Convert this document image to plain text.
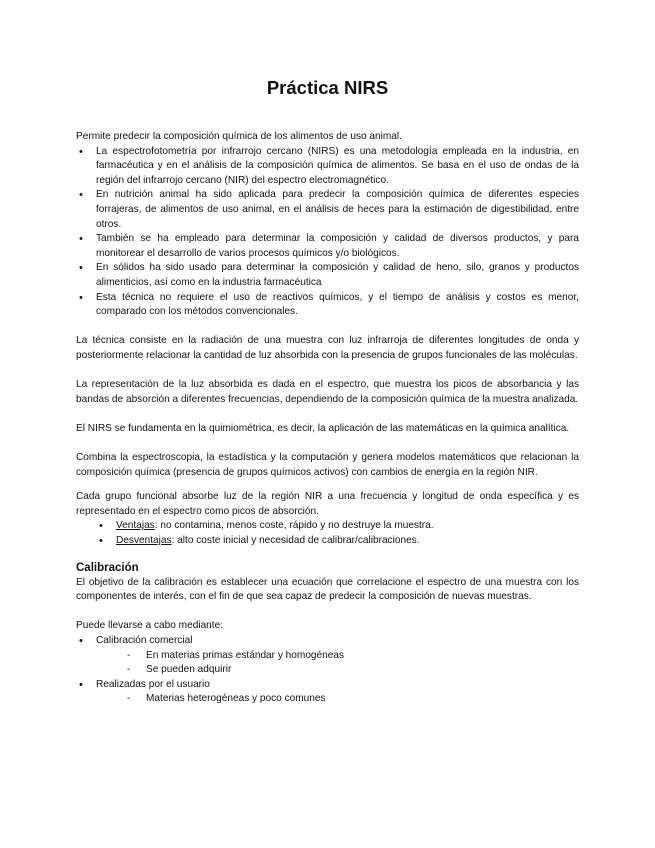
Práctica NIRS

Permite predecir la composición química de los alimentos de uso animal.

• La espectrofotometría por infrarrojo cercano (NIRS) es una metodología empleada en la industria, en farmacéutica y en el análisis de la composición química de alimentos. Se basa en el uso de ondas de la región del infrarrojo cercano (NIR) del espectro electromagnético.
• En nutrición animal ha sido aplicada para predecir la composición química de diferentes especies forrajeras, de alimentos de uso animal, en el análisis de heces para la estimación de digestibilidad, entre otros.
• También se ha empleado para determinar la composición y calidad de diversos productos, y para monitorear el desarrollo de varios procesos químicos y/o biológicos.
• En sólidos ha sido usado para determinar la composición y calidad de heno, silo, granos y productos alimenticios, así como en la industria farmacéutica
• Esta técnica no requiere el uso de reactivos químicos, y el tiempo de análisis y costos es menor, comparado con los métodos convencionales.

La técnica consiste en la radiación de una muestra con luz infrarroja de diferentes longitudes de onda y posteriormente relacionar la cantidad de luz absorbida con la presencia de grupos funcionales de las moléculas.

La representación de la luz absorbida es dada en el espectro, que muestra los picos de absorbancia y las bandas de absorción a diferentes frecuencias, dependiendo de la composición química de la muestra analizada.

El NIRS se fundamenta en la quimiométrica, es decir, la aplicación de las matemáticas en la química analítica.

Combina la espectroscopia, la estadística y la computación y genera modelos matemáticos que relacionan la composición química (presencia de grupos químicos activos) con cambios de energía en la región NIR.

Cada grupo funcional absorbe luz de la región NIR a una frecuencia y longitud de onda específica y es representado en el espectro como picos de absorción.

• Ventajas: no contamina, menos coste, rápido y no destruye la muestra.
• Desventajas: alto coste inicial y necesidad de calibrar/calibraciones.
Calibración

El objetivo de la calibración es establecer una ecuación que correlacione el espectro de una muestra con los componentes de interés, con el fin de que sea capaz de predecir la composición de nuevas muestras.

Puede llevarse a cabo mediante:

• Calibración comercial
- En materias primas estándar y homogéneas
- Se pueden adquirir
• Realizadas por el usuario
- Materias heterogéneas y poco comunes
